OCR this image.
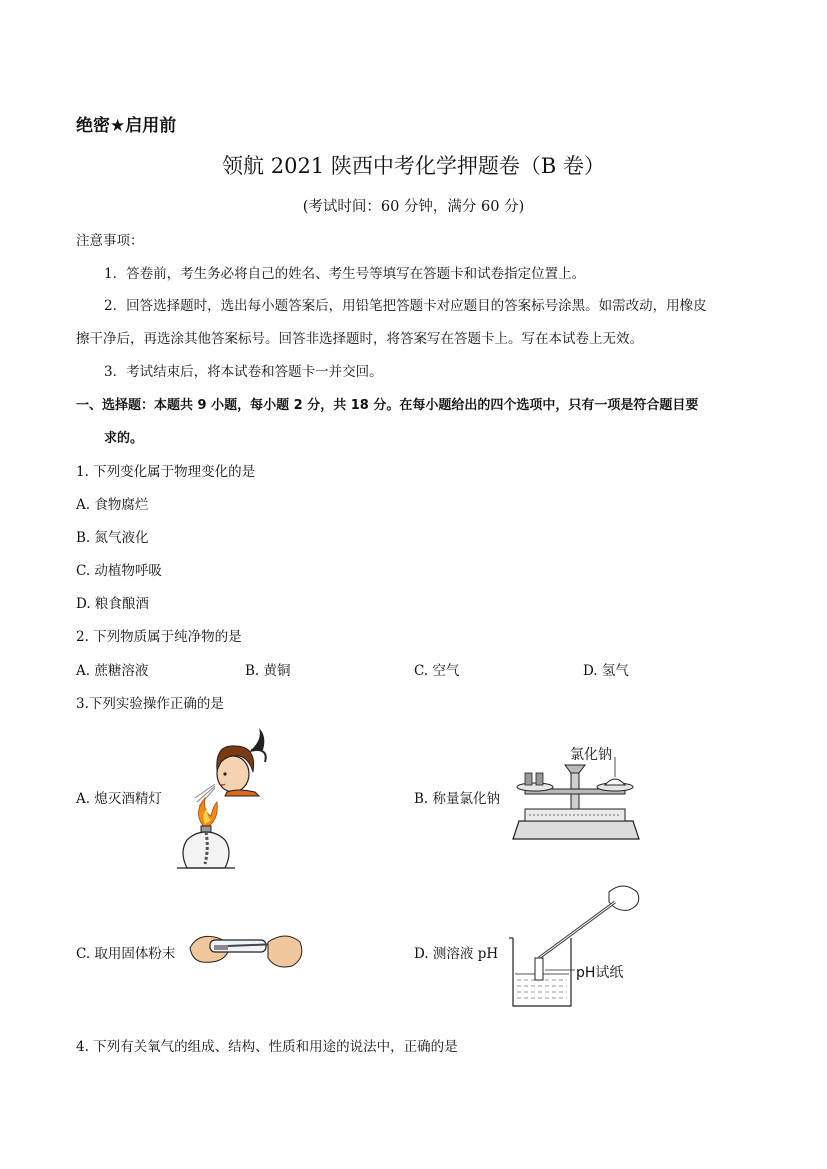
绝密★启用前
领航 2021 陕西中考化学押题卷（B 卷）
(考试时间：60 分钟，满分 60 分)
注意事项：
1．答卷前，考生务必将自己的姓名、考生号等填写在答题卡和试卷指定位置上。
2．回答选择题时，选出每小题答案后，用铅笔把答题卡对应题目的答案标号涂黑。如需改动，用橡皮
擦干净后，再选涂其他答案标号。回答非选择题时，将答案写在答题卡上。写在本试卷上无效。
3．考试结束后，将本试卷和答题卡一并交回。
一、选择题：本题共 9 小题，每小题 2 分，共 18 分。在每小题给出的四个选项中，只有一项是符合题目要
求的。
1. 下列变化属于物理变化的是
A. 食物腐烂
B. 氮气液化
C. 动植物呼吸
D. 粮食酿酒
2. 下列物质属于纯净物的是
A. 蔗糖溶液	B. 黄铜	C. 空气	D. 氢气
3.下列实验操作正确的是
A. 熄灭酒精灯	B. 称量氯化钠
C. 取用固体粉末	D. 测溶液 pH
氯化钠
pH试纸
4. 下列有关氧气的组成、结构、性质和用途的说法中，正确的是
